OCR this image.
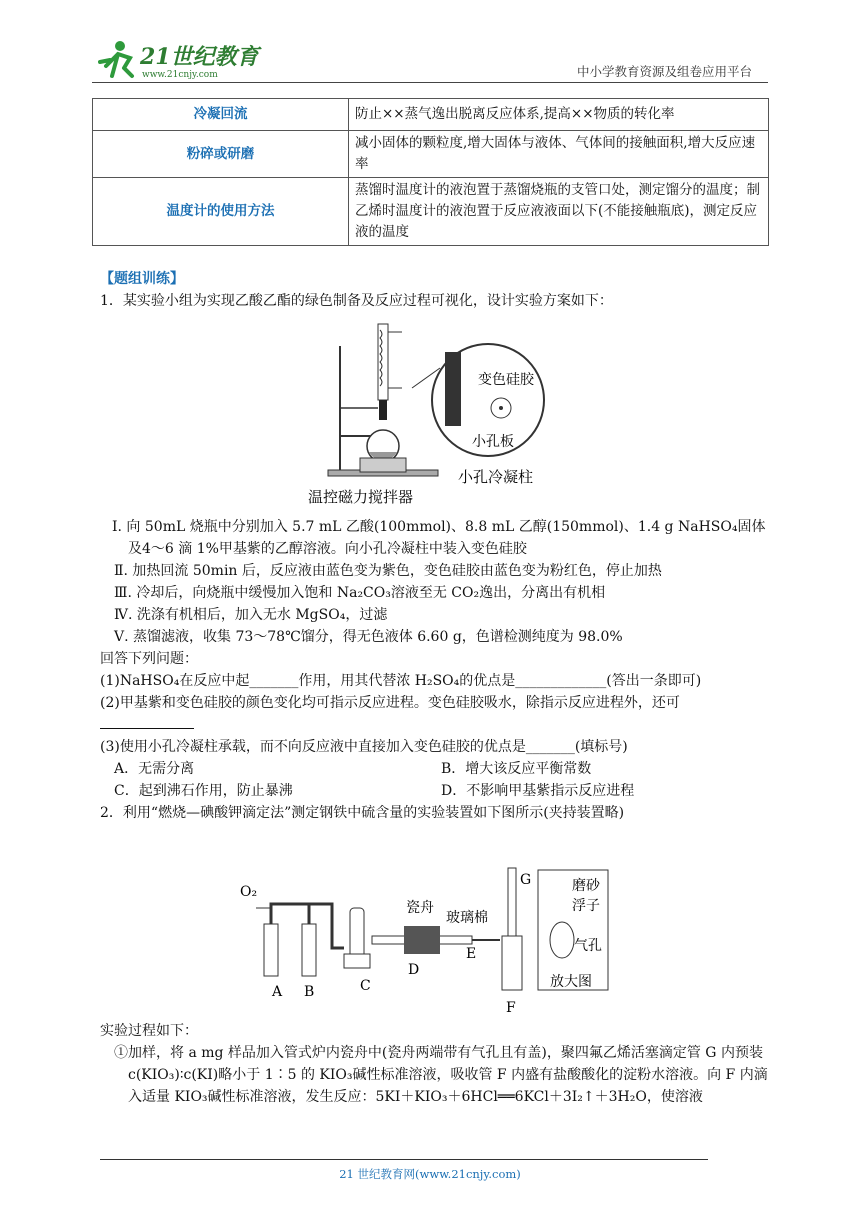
21世纪教育
www.21cnjy.com	中小学教育资源及组卷应用平台
冷凝回流	防止××蒸气逸出脱离反应体系,提高××物质的转化率
粉碎或研磨	减小固体的颗粒度,增大固体与液体、气体间的接触面积,增大反应速率
温度计的使用方法	蒸馏时温度计的液泡置于蒸馏烧瓶的支管口处，测定馏分的温度；制乙烯时温度计的液泡置于反应液液面以下(不能接触瓶底)，测定反应液的温度
【题组训练】
1．某实验小组为实现乙酸乙酯的绿色制备及反应过程可视化，设计实验方案如下：
变色硅胶
小孔板
小孔冷凝柱
温控磁力搅拌器
Ⅰ. 向 50mL 烧瓶中分别加入 5.7 mL 乙酸(100mmol)、8.8 mL 乙醇(150mmol)、1.4 g NaHSO₄固体及4～6 滴 1%甲基紫的乙醇溶液。向小孔冷凝柱中装入变色硅胶
Ⅱ. 加热回流 50min 后，反应液由蓝色变为紫色，变色硅胶由蓝色变为粉红色，停止加热
Ⅲ. 冷却后，向烧瓶中缓慢加入饱和 Na₂CO₃溶液至无 CO₂逸出，分离出有机相
Ⅳ. 洗涤有机相后，加入无水 MgSO₄，过滤
Ⅴ. 蒸馏滤液，收集 73～78℃馏分，得无色液体 6.60 g，色谱检测纯度为 98.0%
回答下列问题：
(1)NaHSO₄在反应中起_______作用，用其代替浓 H₂SO₄的优点是_____________(答出一条即可)
(2)甲基紫和变色硅胶的颜色变化均可指示反应进程。变色硅胶吸水，除指示反应进程外，还可
(3)使用小孔冷凝柱承载，而不向反应液中直接加入变色硅胶的优点是_______(填标号)
A．无需分离	B．增大该反应平衡常数
C．起到沸石作用，防止暴沸	D．不影响甲基紫指示反应进程
2．利用“燃烧—碘酸钾滴定法”测定钢铁中硫含量的实验装置如下图所示(夹持装置略)
O₂
A B	C
D
E
F
G
瓷舟
玻璃棉
磨砂
浮子
气孔
放大图
实验过程如下：
①加样，将 a mg 样品加入管式炉内瓷舟中(瓷舟两端带有气孔且有盖)，聚四氟乙烯活塞滴定管 G 内预装
c(KIO₃)∶c(KI)略小于 1∶5 的 KIO₃碱性标准溶液，吸收管 F 内盛有盐酸酸化的淀粉水溶液。向 F 内滴入适量 KIO₃碱性标准溶液，发生反应：5KI＋KIO₃＋6HCl══6KCl＋3I₂↑＋3H₂O，使溶液
21 世纪教育网(www.21cnjy.com)
